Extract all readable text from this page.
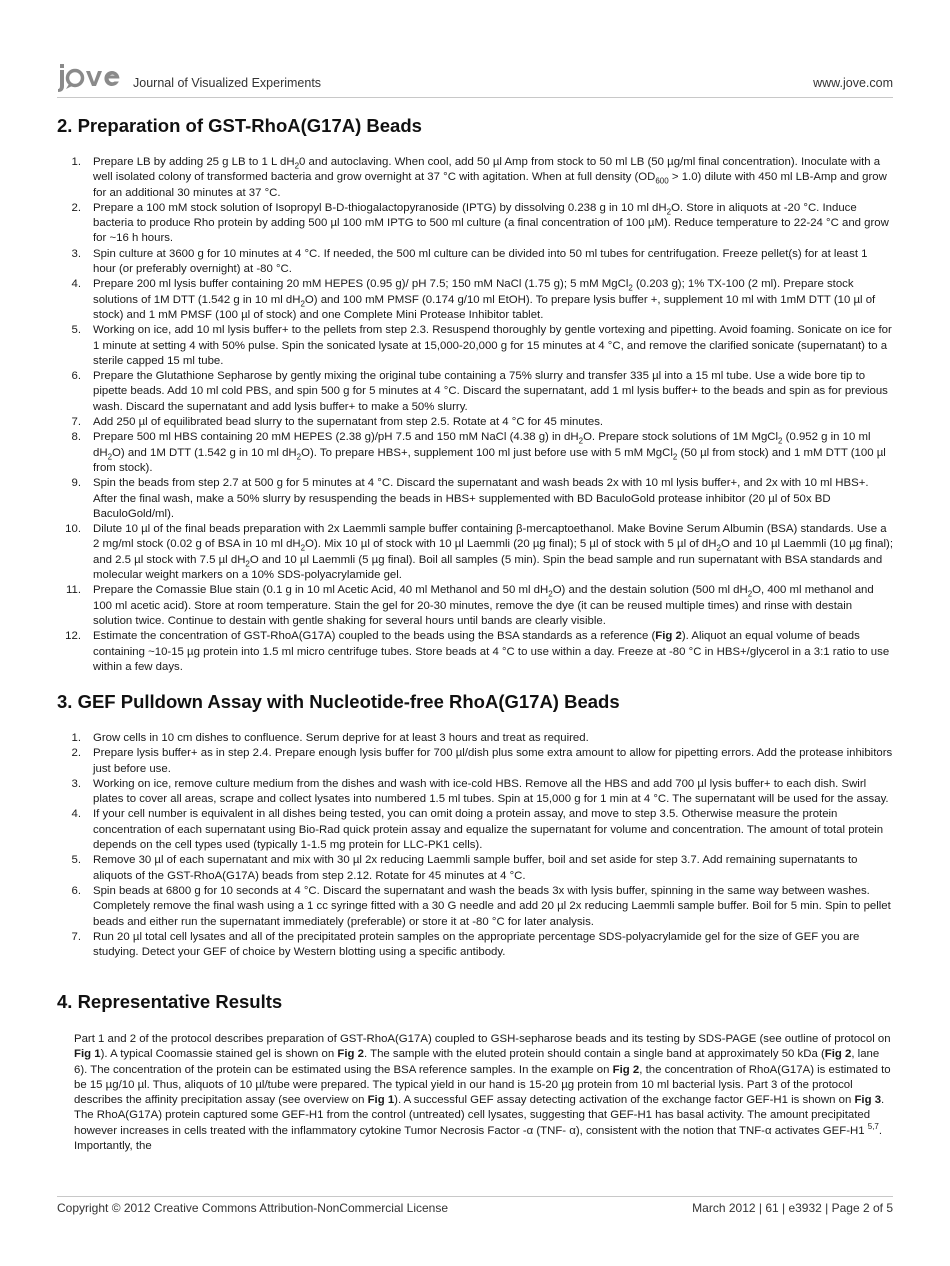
Journal of Visualized Experiments	www.jove.com
2. Preparation of GST-RhoA(G17A) Beads
1. Prepare LB by adding 25 g LB to 1 L $dH_20$ and autoclaving. When cool, add 50 µl Amp from stock to 50 ml LB (50 µg/ml final concentration). Inoculate with a well isolated colony of transformed bacteria and grow overnight at 37 °C with agitation. When at full density $(OD_{600} > 1.0)$ dilute with 450 ml LB-Amp and grow for an additional 30 minutes at 37 °C.
2. Prepare a 100 mM stock solution of Isopropyl B-D-thiogalactopyranoside (IPTG) by dissolving 0.238 g in 10 ml $dH_2O$. Store in aliquots at -20 °C. Induce bacteria to produce Rho protein by adding 500 µl 100 mM IPTG to 500 ml culture (a final concentration of 100 µM). Reduce temperature to 22-24 °C and grow for ~16 h hours.
3. Spin culture at 3600 g for 10 minutes at 4 °C. If needed, the 500 ml culture can be divided into 50 ml tubes for centrifugation. Freeze pellet(s) for at least 1 hour (or preferably overnight) at -80 °C.
4. Prepare 200 ml lysis buffer containing 20 mM HEPES (0.95 g)/ pH 7.5; 150 mM NaCl (1.75 g); 5 mM MgCl$_2$ (0.203 g); 1% TX-100 (2 ml). Prepare stock solutions of 1M DTT (1.542 g in 10 ml $dH_2O$) and 100 mM PMSF (0.174 g/10 ml EtOH). To prepare lysis buffer +, supplement 10 ml with 1mM DTT (10 µl of stock) and 1 mM PMSF (100 µl of stock) and one Complete Mini Protease Inhibitor tablet.
5. Working on ice, add 10 ml lysis buffer+ to the pellets from step 2.3. Resuspend thoroughly by gentle vortexing and pipetting. Avoid foaming. Sonicate on ice for 1 minute at setting 4 with 50% pulse. Spin the sonicated lysate at 15,000-20,000 g for 15 minutes at 4 °C, and remove the clarified sonicate (supernatant) to a sterile capped 15 ml tube.
6. Prepare the Glutathione Sepharose by gently mixing the original tube containing a 75% slurry and transfer 335 µl into a 15 ml tube. Use a wide bore tip to pipette beads. Add 10 ml cold PBS, and spin 500 g for 5 minutes at 4 °C. Discard the supernatant, add 1 ml lysis buffer+ to the beads and spin as for previous wash. Discard the supernatant and add lysis buffer+ to make a 50% slurry.
7. Add 250 µl of equilibrated bead slurry to the supernatant from step 2.5. Rotate at 4 °C for 45 minutes.
8. Prepare 500 ml HBS containing 20 mM HEPES (2.38 g)/pH 7.5 and 150 mM NaCl (4.38 g) in $dH_2O$. Prepare stock solutions of 1M MgCl$_2$ (0.952 g in 10 ml $dH_2O$) and 1M DTT (1.542 g in 10 ml $dH_2O$). To prepare HBS+, supplement 100 ml just before use with 5 mM MgCl$_2$ (50 µl from stock) and 1 mM DTT (100 µl from stock).
9. Spin the beads from step 2.7 at 500 g for 5 minutes at 4 °C. Discard the supernatant and wash beads 2x with 10 ml lysis buffer+, and 2x with 10 ml HBS+. After the final wash, make a 50% slurry by resuspending the beads in HBS+ supplemented with BD BaculoGold protease inhibitor (20 µl of 50x BD BaculoGold/ml).
10. Dilute 10 µl of the final beads preparation with 2x Laemmli sample buffer containing β-mercaptoethanol. Make Bovine Serum Albumin (BSA) standards. Use a 2 mg/ml stock (0.02 g of BSA in 10 ml $dH_2O$). Mix 10 µl of stock with 10 µl Laemmli (20 µg final); 5 µl of stock with 5 µl of $dH_2O$ and 10 µl Laemmli (10 µg final); and 2.5 µl stock with 7.5 µl $dH_2O$ and 10 µl Laemmli (5 µg final). Boil all samples (5 min). Spin the bead sample and run supernatant with BSA standards and molecular weight markers on a 10% SDS-polyacrylamide gel.
11. Prepare the Comassie Blue stain (0.1 g in 10 ml Acetic Acid, 40 ml Methanol and 50 ml $dH_2O$) and the destain solution (500 ml $dH_2O$, 400 ml methanol and 100 ml acetic acid). Store at room temperature. Stain the gel for 20-30 minutes, remove the dye (it can be reused multiple times) and rinse with destain solution twice. Continue to destain with gentle shaking for several hours until bands are clearly visible.
12. Estimate the concentration of GST-RhoA(G17A) coupled to the beads using the BSA standards as a reference (Fig 2). Aliquot an equal volume of beads containing ~10-15 µg protein into 1.5 ml micro centrifuge tubes. Store beads at 4 °C to use within a day. Freeze at -80 °C in HBS+/glycerol in a 3:1 ratio to use within a few days.
3. GEF Pulldown Assay with Nucleotide-free RhoA(G17A) Beads
1. Grow cells in 10 cm dishes to confluence. Serum deprive for at least 3 hours and treat as required.
2. Prepare lysis buffer+ as in step 2.4. Prepare enough lysis buffer for 700 µl/dish plus some extra amount to allow for pipetting errors. Add the protease inhibitors just before use.
3. Working on ice, remove culture medium from the dishes and wash with ice-cold HBS. Remove all the HBS and add 700 µl lysis buffer+ to each dish. Swirl plates to cover all areas, scrape and collect lysates into numbered 1.5 ml tubes. Spin at 15,000 g for 1 min at 4 °C. The supernatant will be used for the assay.
4. If your cell number is equivalent in all dishes being tested, you can omit doing a protein assay, and move to step 3.5. Otherwise measure the protein concentration of each supernatant using Bio-Rad quick protein assay and equalize the supernatant for volume and concentration. The amount of total protein depends on the cell types used (typically 1-1.5 mg protein for LLC-PK1 cells).
5. Remove 30 µl of each supernatant and mix with 30 µl 2x reducing Laemmli sample buffer, boil and set aside for step 3.7. Add remaining supernatants to aliquots of the GST-RhoA(G17A) beads from step 2.12. Rotate for 45 minutes at 4 °C.
6. Spin beads at 6800 g for 10 seconds at 4 °C. Discard the supernatant and wash the beads 3x with lysis buffer, spinning in the same way between washes. Completely remove the final wash using a 1 cc syringe fitted with a 30 G needle and add 20 µl 2x reducing Laemmli sample buffer. Boil for 5 min. Spin to pellet beads and either run the supernatant immediately (preferable) or store it at -80 °C for later analysis.
7. Run 20 µl total cell lysates and all of the precipitated protein samples on the appropriate percentage SDS-polyacrylamide gel for the size of GEF you are studying. Detect your GEF of choice by Western blotting using a specific antibody.
4. Representative Results
Part 1 and 2 of the protocol describes preparation of GST-RhoA(G17A) coupled to GSH-sepharose beads and its testing by SDS-PAGE (see outline of protocol on Fig 1). A typical Coomassie stained gel is shown on Fig 2. The sample with the eluted protein should contain a single band at approximately 50 kDa (Fig 2, lane 6). The concentration of the protein can be estimated using the BSA reference samples. In the example on Fig 2, the concentration of RhoA(G17A) is estimated to be 15 µg/10 µl. Thus, aliquots of 10 µl/tube were prepared. The typical yield in our hand is 15-20 µg protein from 10 ml bacterial lysis. Part 3 of the protocol describes the affinity precipitation assay (see overview on Fig 1). A successful GEF assay detecting activation of the exchange factor GEF-H1 is shown on Fig 3. The RhoA(G17A) protein captured some GEF-H1 from the control (untreated) cell lysates, suggesting that GEF-H1 has basal activity. The amount precipitated however increases in cells treated with the inflammatory cytokine Tumor Necrosis Factor -α (TNF- α), consistent with the notion that TNF-α activates GEF-H1 $^{5,7}$. Importantly, the
Copyright © 2012 Creative Commons Attribution-NonCommercial License	March 2012 | 61 | e3932 | Page 2 of 5
